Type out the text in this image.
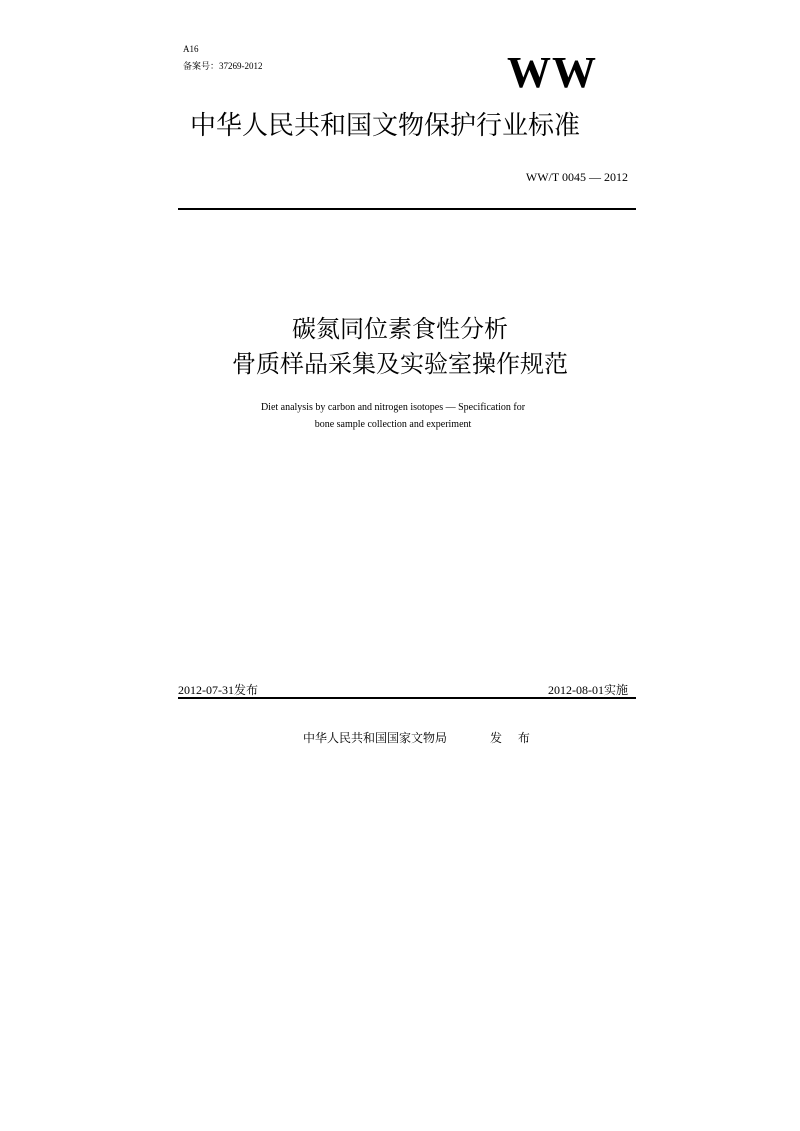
A16
备案号：37269-2012	WW
中华人民共和国文物保护行业标准
WW/T 0045 — 2012
碳氮同位素食性分析
骨质样品采集及实验室操作规范
Diet analysis by carbon and nitrogen isotopes — Specification for
bone sample collection and experiment
2012-07-31发布	2012-08-01实施
中华人民共和国国家文物局	发 布
